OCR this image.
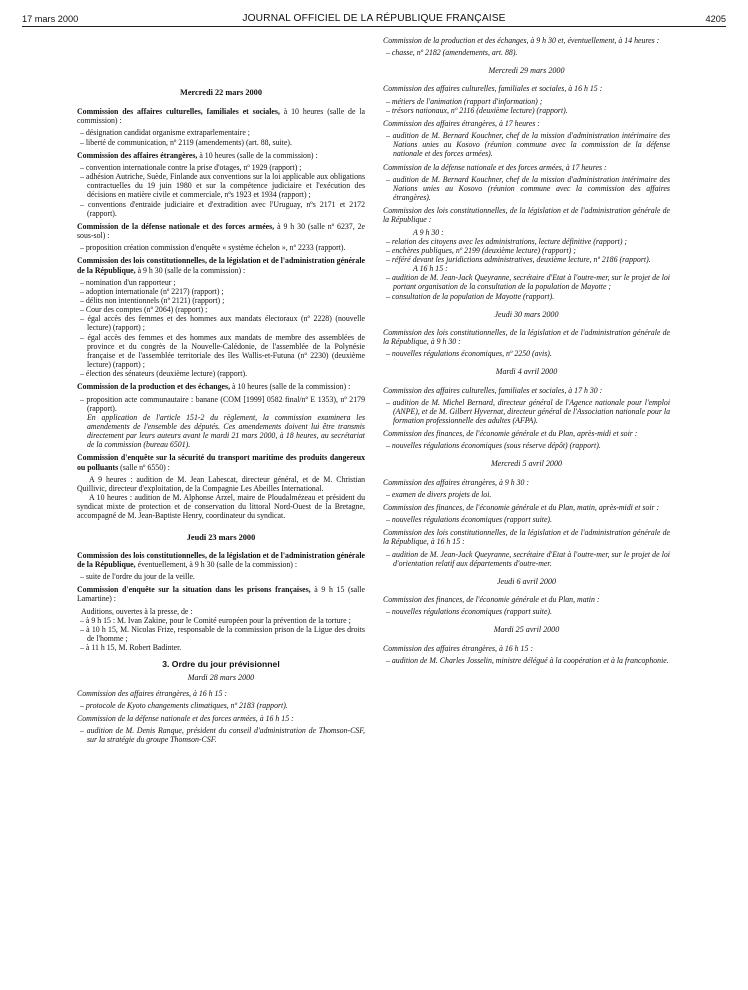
17 mars 2000	JOURNAL OFFICIEL DE LA RÉPUBLIQUE FRANÇAISE	4205
Mercredi 22 mars 2000
Commission des affaires culturelles, familiales et sociales, à 10 heures (salle de la commission) :
– désignation candidat organisme extraparlementaire ;
– liberté de communication, nº 2119 (amendements) (art. 88, suite).
Commission des affaires étrangères, à 10 heures (salle de la commission) :
– convention internationale contre la prise d'otages, nº 1929 (rapport) ;
– adhésion Autriche, Suède, Finlande aux conventions sur la loi applicable aux obligations contractuelles du 19 juin 1980 et sur la compétence judiciaire et l'exécution des décisions en matière civile et commerciale, nºs 1923 et 1934 (rapport) ;
– conventions d'entraide judiciaire et d'extradition avec l'Uruguay, nºs 2171 et 2172 (rapport).
Commission de la défense nationale et des forces armées, à 9 h 30 (salle nº 6237, 2e sous-sol) :
– proposition création commission d'enquête « système échelon », nº 2233 (rapport).
Commission des lois constitutionnelles, de la législation et de l'administration générale de la République, à 9 h 30 (salle de la commission) :
– nomination d'un rapporteur ;
– adoption internationale (nº 2217) (rapport) ;
– délits non intentionnels (nº 2121) (rapport) ;
– Cour des comptes (nº 2064) (rapport) ;
– égal accès des femmes et des hommes aux mandats électoraux (nº 2228) (nouvelle lecture) (rapport) ;
– égal accès des femmes et des hommes aux mandats de membre des assemblées de province et du congrès de la Nouvelle-Calédonie, de l'assemblée de la Polynésie française et de l'assemblée territoriale des îles Wallis-et-Futuna (nº 2230) (deuxième lecture) (rapport) ;
– élection des sénateurs (deuxième lecture) (rapport).
Commission de la production et des échanges, à 10 heures (salle de la commission) :
– proposition acte communautaire : banane (COM [1999] 0582 final/nº E 1353), nº 2179 (rapport).
En application de l'article 151-2 du règlement, la commission examinera les amendements de l'ensemble des députés. Ces amendements doivent lui être transmis directement par leurs auteurs avant le mardi 21 mars 2000, à 18 heures, au secrétariat de la commission (bureau 6501).
Commission d'enquête sur la sécurité du transport maritime des produits dangereux ou polluants (salle nº 6550) :
A 9 heures : audition de M. Jean Labescat, directeur général, et de M. Christian Quillivic, directeur d'exploitation, de la Compagnie Les Abeilles International.
A 10 heures : audition de M. Alphonse Arzel, maire de Ploudalmézeau et président du syndicat mixte de protection et de conservation du littoral Nord-Ouest de la Bretagne, accompagné de M. Jean-Baptiste Henry, coordinateur du syndicat.
Jeudi 23 mars 2000
Commission des lois constitutionnelles, de la législation et de l'administration générale de la République, éventuellement, à 9 h 30 (salle de la commission) :
– suite de l'ordre du jour de la veille.
Commission d'enquête sur la situation dans les prisons françaises, à 9 h 15 (salle Lamartine) :
Auditions, ouvertes à la presse, de :
– à 9 h 15 : M. Ivan Zakine, pour le Comité européen pour la prévention de la torture ;
– à 10 h 15, M. Nicolas Frize, responsable de la commission prison de la Ligue des droits de l'homme ;
– à 11 h 15, M. Robert Badinter.
3. Ordre du jour prévisionnel
Mardi 28 mars 2000
Commission des affaires étrangères, à 16 h 15 :
– protocole de Kyoto changements climatiques, nº 2183 (rapport).
Commission de la défense nationale et des forces armées, à 16 h 15 :
– audition de M. Denis Ranque, président du conseil d'administration de Thomson-CSF, sur la stratégie du groupe Thomson-CSF.
Commission de la production et des échanges, à 9 h 30 et, éventuellement, à 14 heures :
– chasse, nº 2182 (amendements, art. 88).
Mercredi 29 mars 2000
Commission des affaires culturelles, familiales et sociales, à 16 h 15 :
– métiers de l'animation (rapport d'information) ;
– trésors nationaux, nº 2116 (deuxième lecture) (rapport).
Commission des affaires étrangères, à 17 heures :
– audition de M. Bernard Kouchner, chef de la mission d'administration intérimaire des Nations unies au Kosovo (réunion commune avec la commission de la défense nationale et des forces armées).
Commission de la défense nationale et des forces armées, à 17 heures :
– audition de M. Bernard Kouchner, chef de la mission d'administration intérimaire des Nations unies au Kosovo (réunion commune avec la commission des affaires étrangères).
Commission des lois constitutionnelles, de la législation et de l'administration générale de la République :
A 9 h 30 :
– relation des citoyens avec les administrations, lecture définitive (rapport) ;
– enchères publiques, nº 2199 (deuxième lecture) (rapport) ;
– référé devant les juridictions administratives, deuxième lecture, nº 2186 (rapport).
A 16 h 15 :
– audition de M. Jean-Jack Queyranne, secrétaire d'Etat à l'outre-mer, sur le projet de loi portant organisation de la consultation de la population de Mayotte ;
– consultation de la population de Mayotte (rapport).
Jeudi 30 mars 2000
Commission des lois constitutionnelles, de la législation et de l'administration générale de la République, à 9 h 30 :
– nouvelles régulations économiques, nº 2250 (avis).
Mardi 4 avril 2000
Commission des affaires culturelles, familiales et sociales, à 17 h 30 :
– audition de M. Michel Bernard, directeur général de l'Agence nationale pour l'emploi (ANPE), et de M. Gilbert Hyvernat, directeur général de l'Association nationale pour la formation professionnelle des adultes (AFPA).
Commission des finances, de l'économie générale et du Plan, après-midi et soir :
– nouvelles régulations économiques (sous réserve dépôt) (rapport).
Mercredi 5 avril 2000
Commission des affaires étrangères, à 9 h 30 :
– examen de divers projets de loi.
Commission des finances, de l'économie générale et du Plan, matin, après-midi et soir :
– nouvelles régulations économiques (rapport suite).
Commission des lois constitutionnelles, de la législation et de l'administration générale de la République, à 16 h 15 :
– audition de M. Jean-Jack Queyranne, secrétaire d'Etat à l'outre-mer, sur le projet de loi d'orientation relatif aux départements d'outre-mer.
Jeudi 6 avril 2000
Commission des finances, de l'économie générale et du Plan, matin :
– nouvelles régulations économiques (rapport suite).
Mardi 25 avril 2000
Commission des affaires étrangères, à 16 h 15 :
– audition de M. Charles Josselin, ministre délégué à la coopération et à la francophonie.
